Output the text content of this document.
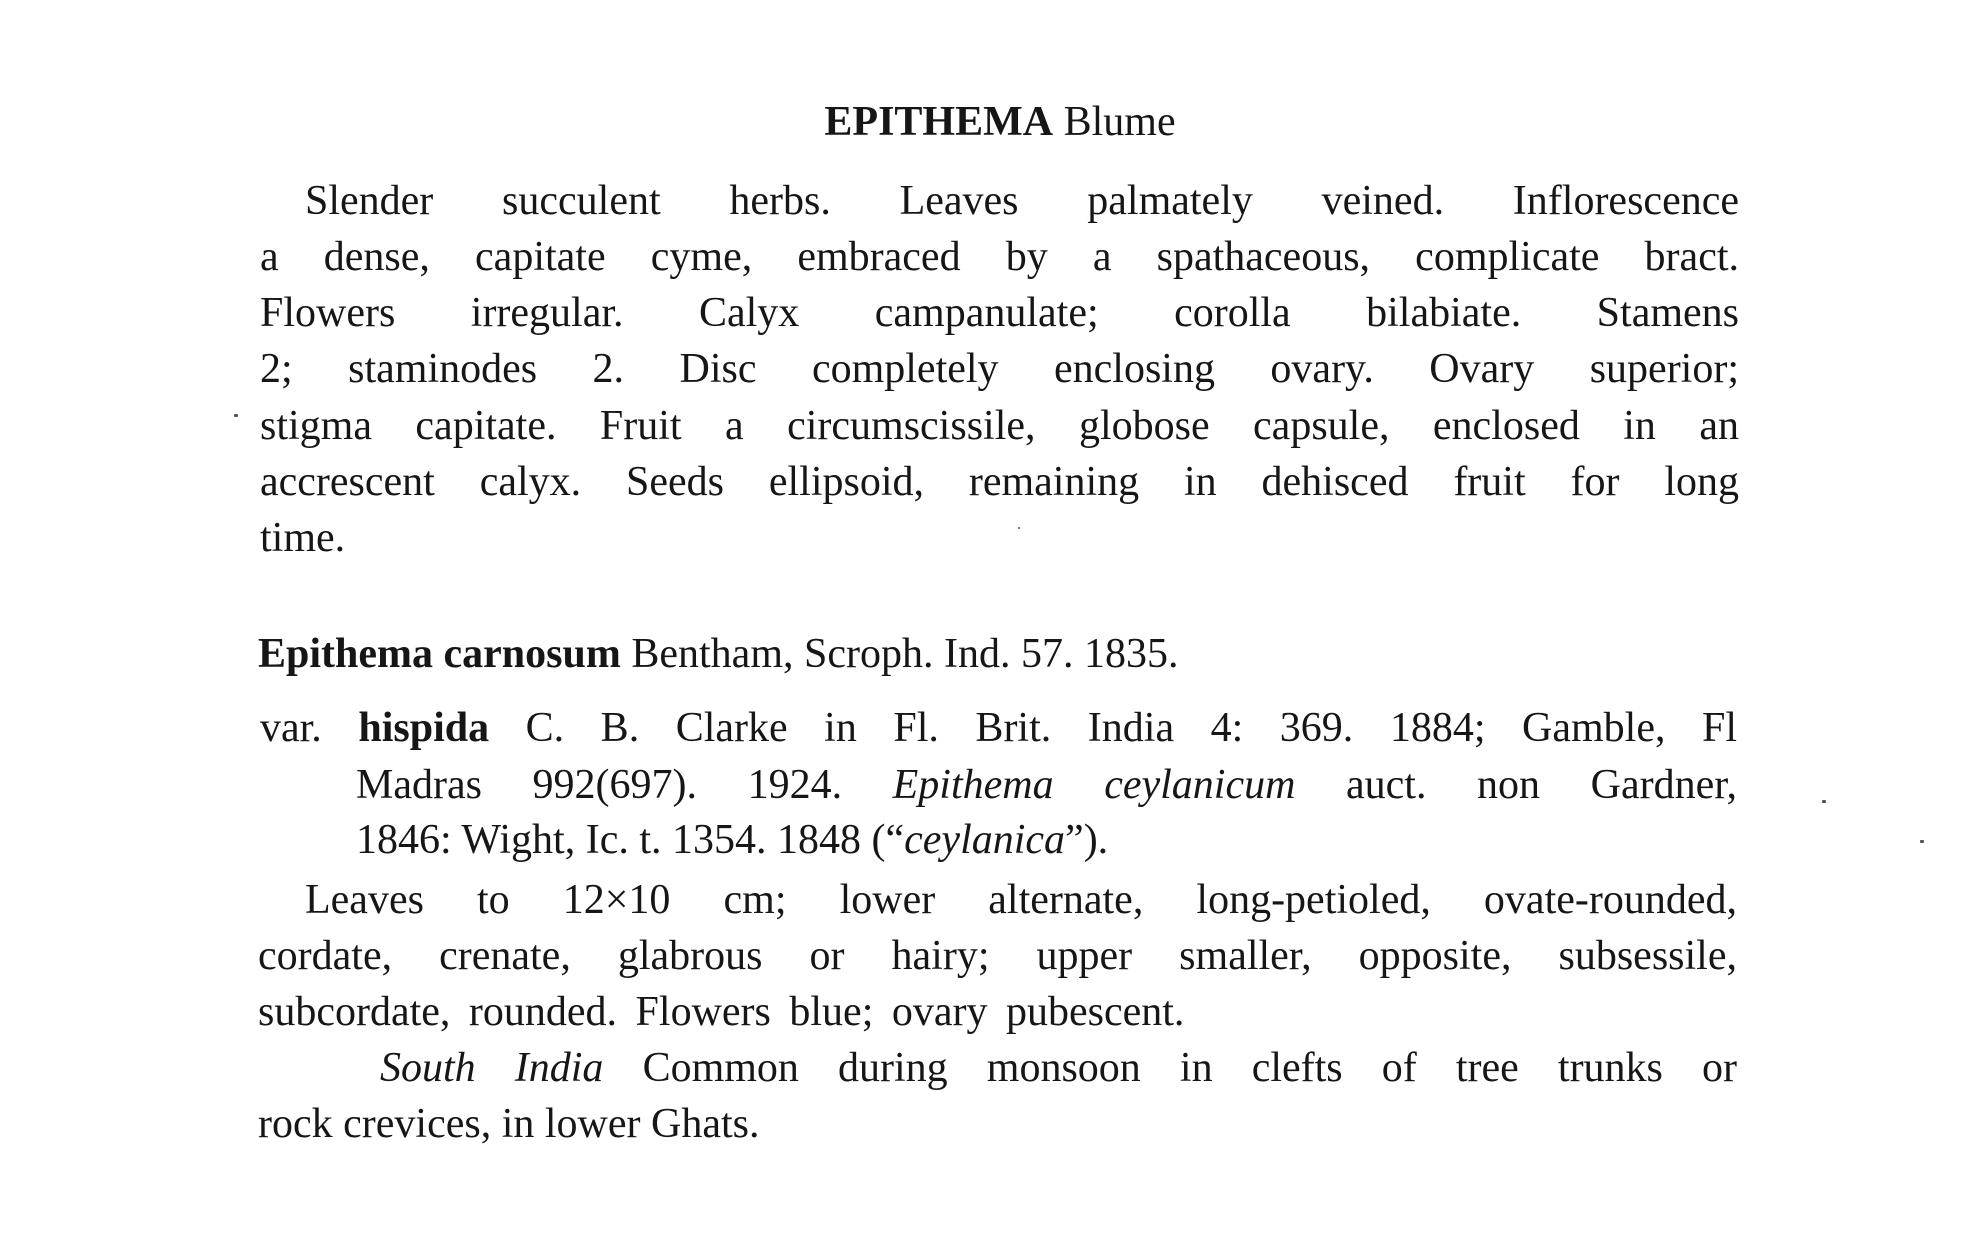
EPITHEMA Blume
Slender succulent herbs. Leaves palmately veined. Inflorescence
a dense, capitate cyme, embraced by a spathaceous, complicate bract.
Flowers irregular. Calyx campanulate; corolla bilabiate. Stamens
2; staminodes 2. Disc completely enclosing ovary. Ovary superior;
stigma capitate. Fruit a circumscissile, globose capsule, enclosed in an
accrescent calyx. Seeds ellipsoid, remaining in dehisced fruit for long
time.
Epithema carnosum Bentham, Scroph. Ind. 57. 1835.
var. hispida C. B. Clarke in Fl. Brit. India 4: 369. 1884; Gamble, Fl
Madras 992(697). 1924. Epithema ceylanicum auct. non Gardner,
1846: Wight, Ic. t. 1354. 1848 (“ceylanica”).
Leaves to 12×10 cm; lower alternate, long-petioled, ovate-rounded,
cordate, crenate, glabrous or hairy; upper smaller, opposite, subsessile,
subcordate, rounded. Flowers blue; ovary pubescent.
South India Common during monsoon in clefts of tree trunks or
rock crevices, in lower Ghats.
